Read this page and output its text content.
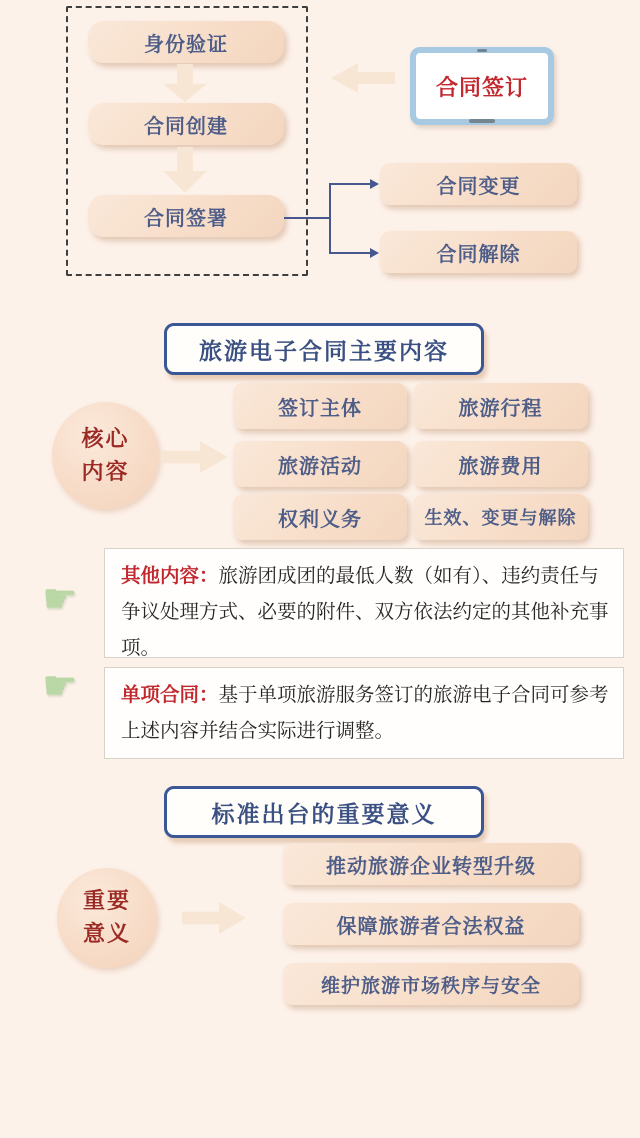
身份验证
合同创建
合同签署
合同签订
合同变更
合同解除
旅游电子合同主要内容
核心
内容
签订主体	旅游行程
旅游活动	旅游费用
权利义务	生效、变更与解除
☛
其他内容：旅游团成团的最低人数（如有）、违约责任与争议处理方式、必要的附件、双方依法约定的其他补充事项。
☛	单项合同：基于单项旅游服务签订的旅游电子合同可参考上述内容并结合实际进行调整。
标准出台的重要意义
重要
意义
推动旅游企业转型升级
保障旅游者合法权益
维护旅游市场秩序与安全
